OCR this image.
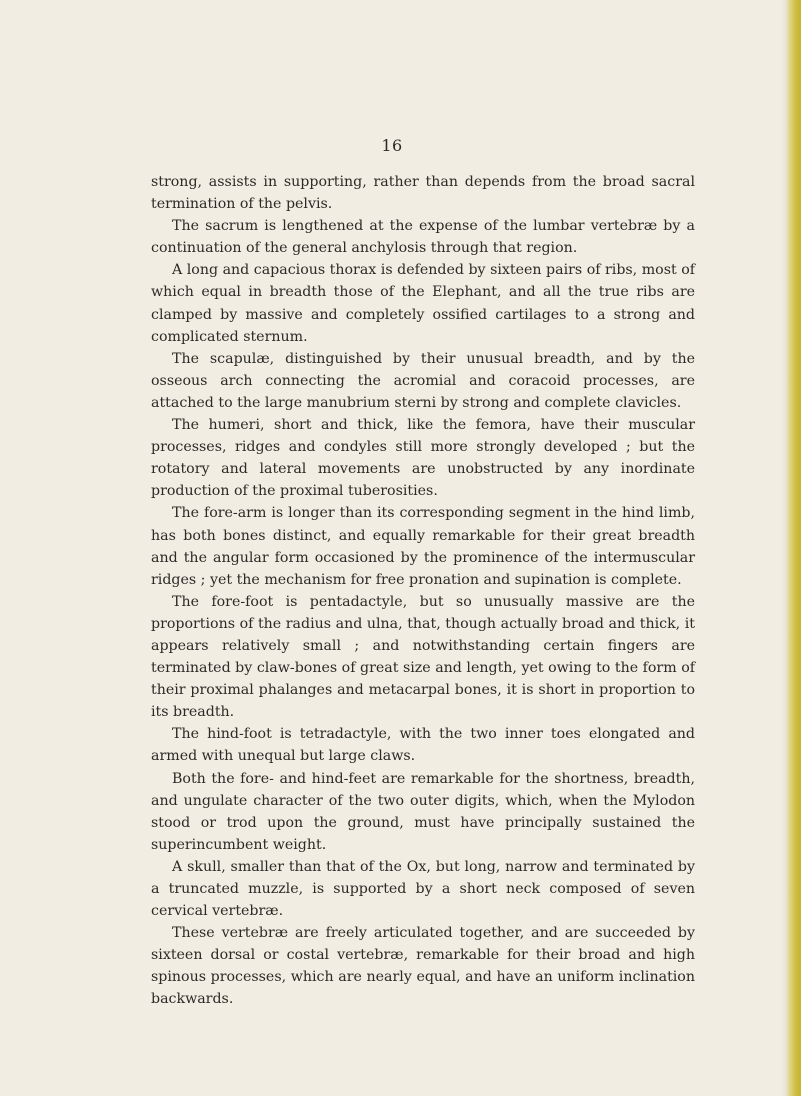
16

strong, assists in supporting, rather than depends from the broad sacral termination of the pelvis.

The sacrum is lengthened at the expense of the lumbar vertebræ by a continuation of the general anchylosis through that region.

A long and capacious thorax is defended by sixteen pairs of ribs, most of which equal in breadth those of the Elephant, and all the true ribs are clamped by massive and completely ossified cartilages to a strong and complicated sternum.

The scapulæ, distinguished by their unusual breadth, and by the osseous arch connecting the acromial and coracoid processes, are attached to the large manubrium sterni by strong and complete clavicles.

The humeri, short and thick, like the femora, have their muscular processes, ridges and condyles still more strongly developed ; but the rotatory and lateral movements are unobstructed by any inordinate production of the proximal tuberosities.

The fore-arm is longer than its corresponding segment in the hind limb, has both bones distinct, and equally remarkable for their great breadth and the angular form occasioned by the prominence of the intermuscular ridges ; yet the mechanism for free pronation and supination is complete.

The fore-foot is pentadactyle, but so unusually massive are the proportions of the radius and ulna, that, though actually broad and thick, it appears relatively small ; and notwithstanding certain fingers are terminated by claw-bones of great size and length, yet owing to the form of their proximal phalanges and metacarpal bones, it is short in proportion to its breadth.

The hind-foot is tetradactyle, with the two inner toes elongated and armed with unequal but large claws.

Both the fore- and hind-feet are remarkable for the shortness, breadth, and ungulate character of the two outer digits, which, when the Mylodon stood or trod upon the ground, must have principally sustained the superincumbent weight.

A skull, smaller than that of the Ox, but long, narrow and terminated by a truncated muzzle, is supported by a short neck composed of seven cervical vertebræ.

These vertebræ are freely articulated together, and are succeeded by sixteen dorsal or costal vertebræ, remarkable for their broad and high spinous processes, which are nearly equal, and have an uniform inclination backwards.
